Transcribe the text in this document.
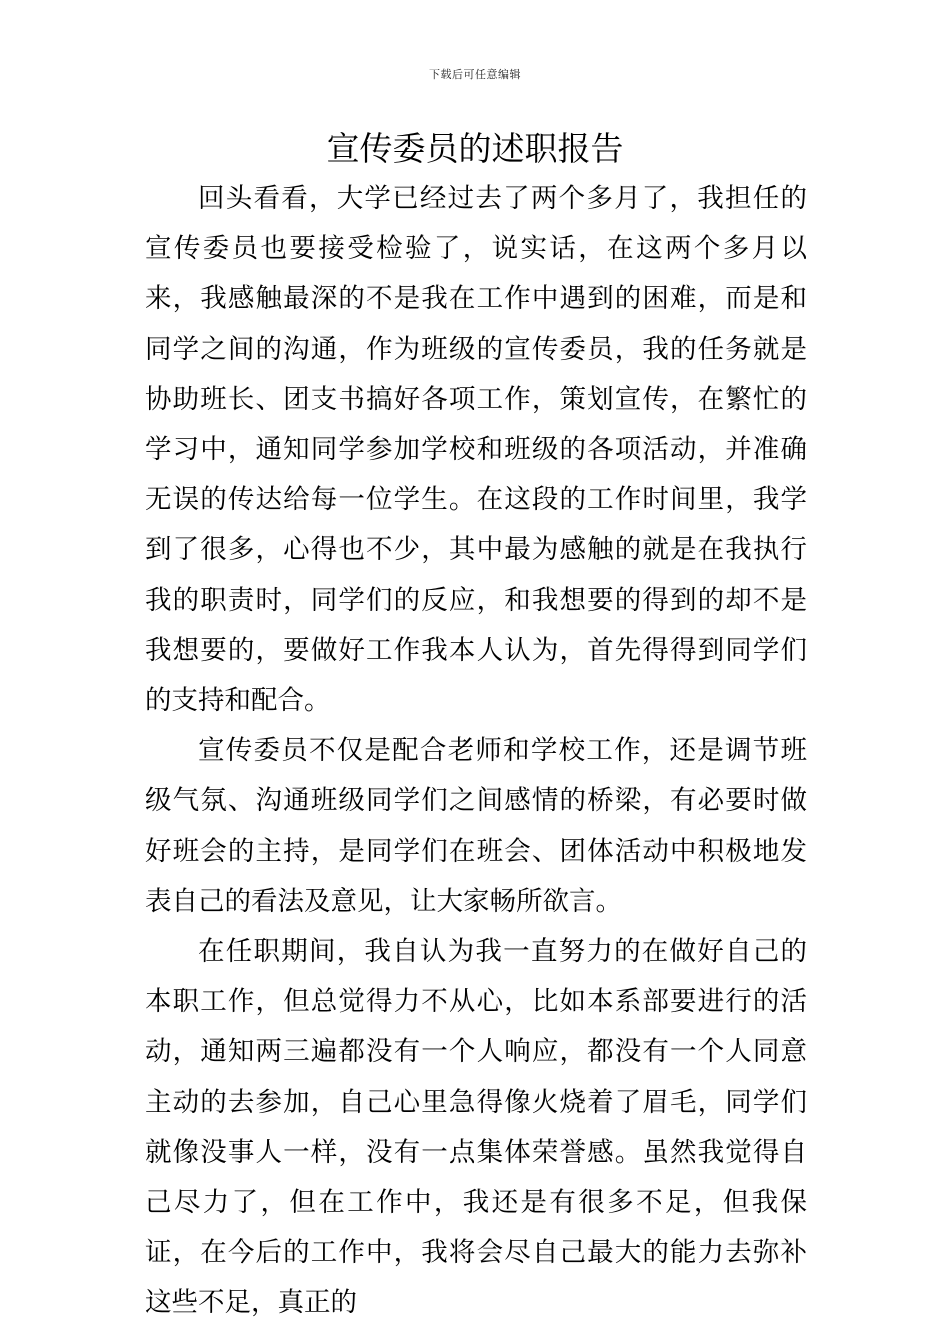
下载后可任意编辑
宣传委员的述职报告

回头看看，大学已经过去了两个多月了，我担任的宣传委员也要接受检验了，说实话，在这两个多月以来，我感触最深的不是我在工作中遇到的困难，而是和同学之间的沟通，作为班级的宣传委员，我的任务就是协助班长、团支书搞好各项工作，策划宣传，在繁忙的学习中，通知同学参加学校和班级的各项活动，并准确无误的传达给每一位学生。在这段的工作时间里，我学到了很多，心得也不少，其中最为感触的就是在我执行我的职责时，同学们的反应，和我想要的得到的却不是我想要的，要做好工作我本人认为，首先得得到同学们的支持和配合。

宣传委员不仅是配合老师和学校工作，还是调节班级气氛、沟通班级同学们之间感情的桥梁，有必要时做好班会的主持，是同学们在班会、团体活动中积极地发表自己的看法及意见，让大家畅所欲言。

在任职期间，我自认为我一直努力的在做好自己的本职工作，但总觉得力不从心，比如本系部要进行的活动，通知两三遍都没有一个人响应，都没有一个人同意主动的去参加，自己心里急得像火烧着了眉毛，同学们就像没事人一样，没有一点集体荣誉感。虽然我觉得自己尽力了，但在工作中，我还是有很多不足，但我保证，在今后的工作中，我将会尽自己最大的能力去弥补这些不足，真正的
